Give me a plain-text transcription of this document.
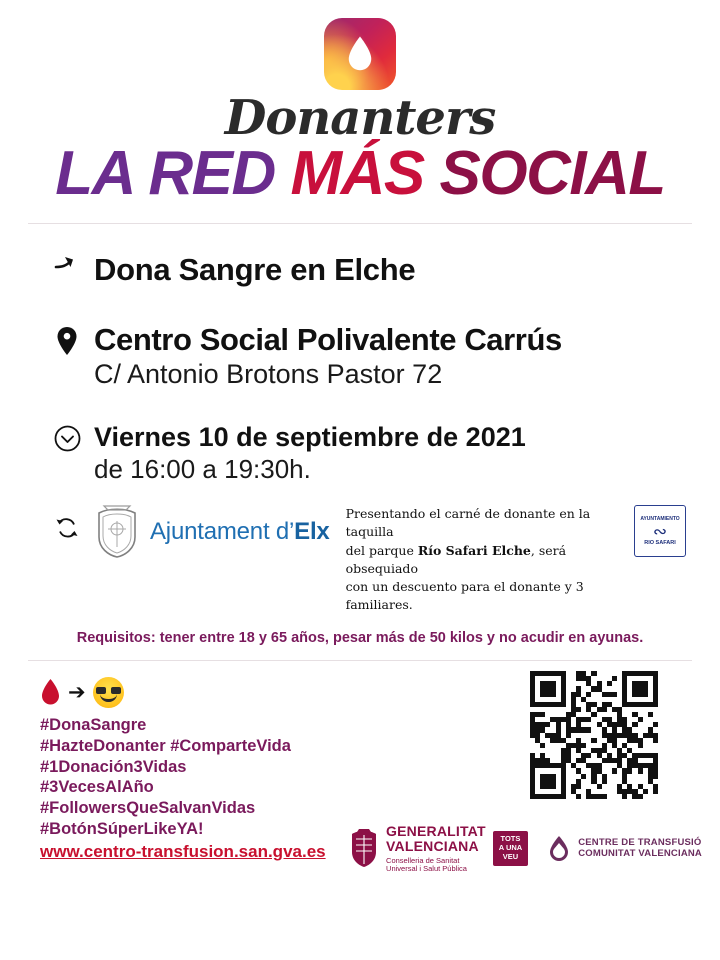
Donanters
LA RED MÁS SOCIAL
Dona Sangre en Elche
Centro Social Polivalente Carrús
C/ Antonio Brotons Pastor 72
Viernes 10 de septiembre de 2021
de 16:00 a 19:30h.
Ajuntament d’Elx
Presentando el carné de donante en la taquilla
del parque Río Safari Elche, será obsequiado
con un descuento para el donante y 3 familiares.
AYUNTAMIENTO
∾
RIO SAFARI
Requisitos: tener entre 18 y 65 años, pesar más de 50 kilos y no acudir en ayunas.
➔
#DonaSangre
#HazteDonanter #ComparteVida
#1Donación3Vidas
#3VecesAlAño
#FollowersQueSalvanVidas
#BotónSúperLikeYA!
www.centro-transfusion.san.gva.es
GENERALITAT
VALENCIANA
Conselleria de Sanitat
Universal i Salut Pública
TOTS
A UNA
VEU
CENTRE DE TRANSFUSIÓ
COMUNITAT VALENCIANA
